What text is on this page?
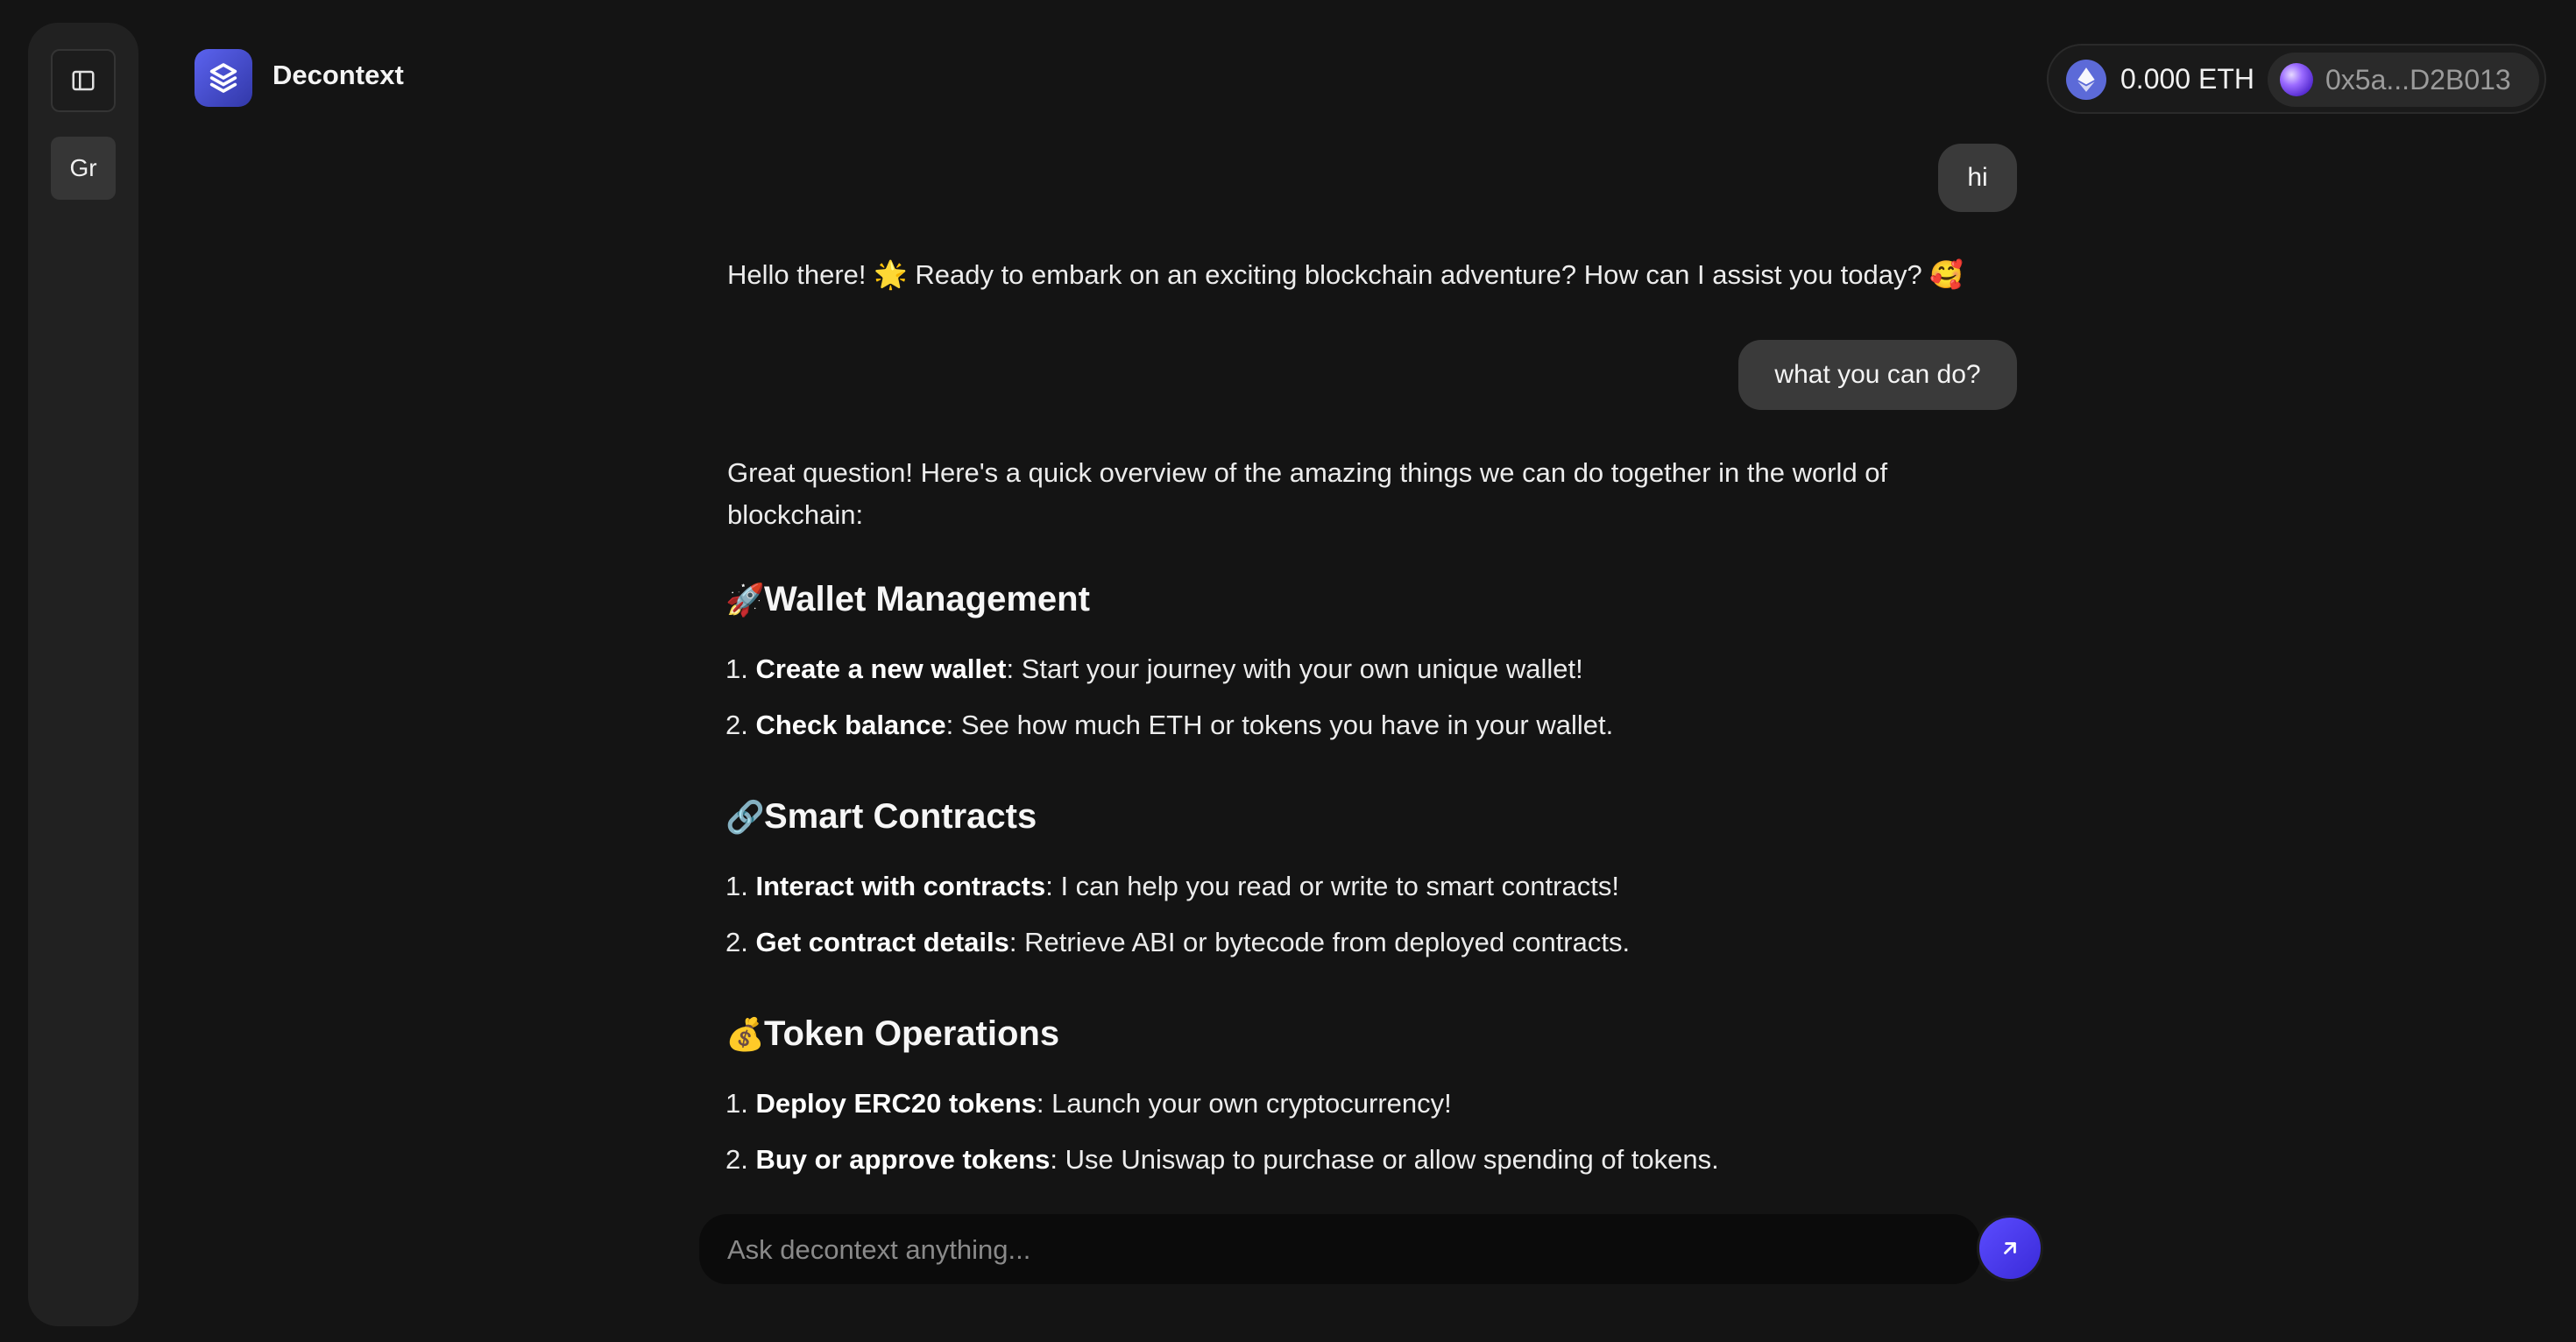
Gr
Decontext	0.000 ETH	0x5a...D2B013
hi
Hello there! 🌟 Ready to embark on an exciting blockchain adventure? How can I assist you today? 🥰
what you can do?
Great question! Here's a quick overview of the amazing things we can do together in the world of blockchain:
🚀Wallet Management
1. Create a new wallet: Start your journey with your own unique wallet!
2. Check balance: See how much ETH or tokens you have in your wallet.
🔗Smart Contracts
1. Interact with contracts: I can help you read or write to smart contracts!
2. Get contract details: Retrieve ABI or bytecode from deployed contracts.
💰Token Operations
1. Deploy ERC20 tokens: Launch your own cryptocurrency!
2. Buy or approve tokens: Use Uniswap to purchase or allow spending of tokens.
Ask decontext anything...
